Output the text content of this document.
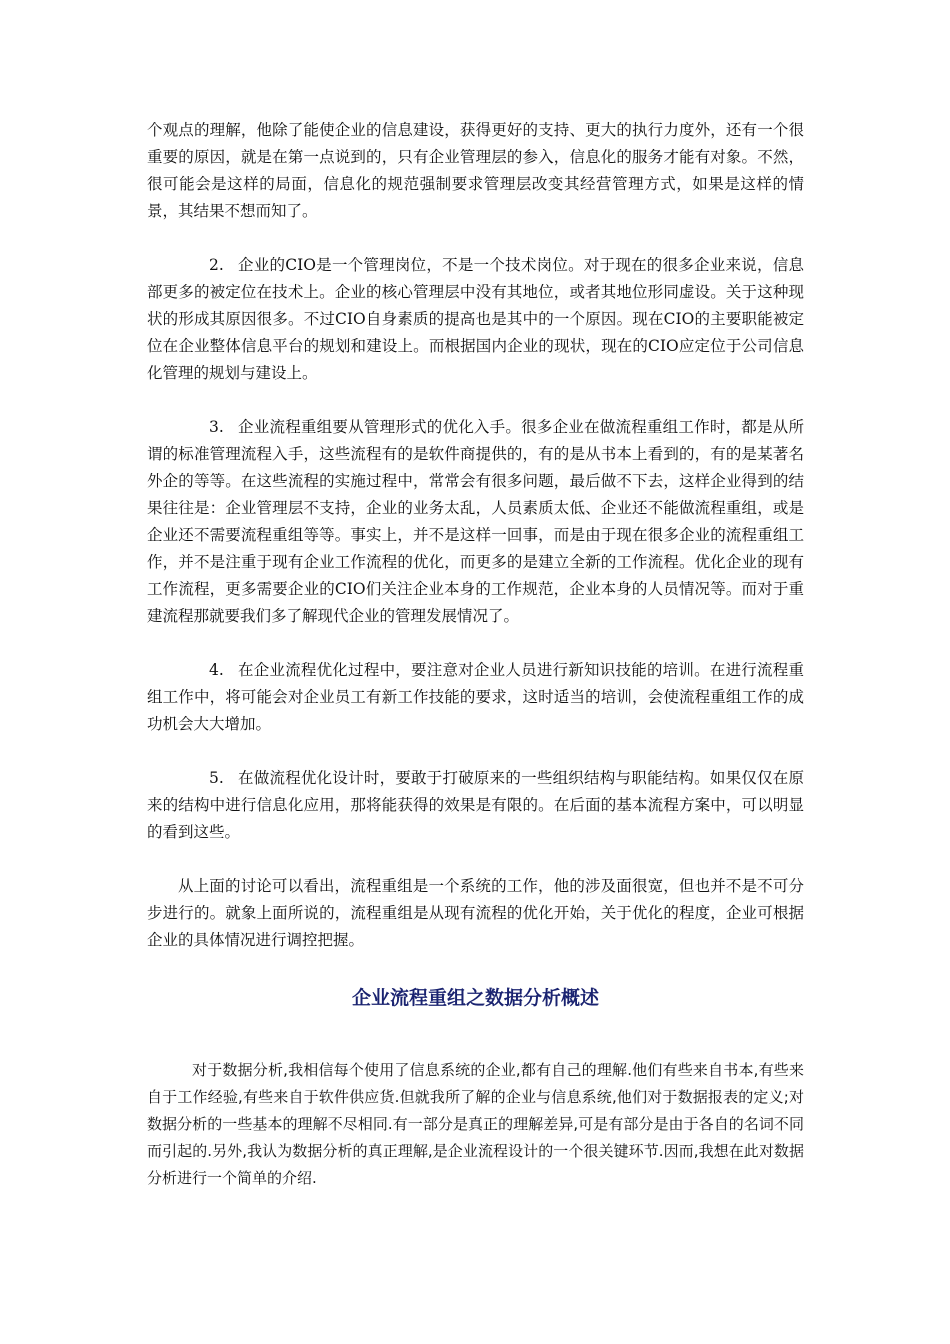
个观点的理解，他除了能使企业的信息建设，获得更好的支持、更大的执行力度外，还有一个很重要的原因，就是在第一点说到的，只有企业管理层的参入，信息化的服务才能有对象。不然，很可能会是这样的局面，信息化的规范强制要求管理层改变其经营管理方式，如果是这样的情景，其结果不想而知了。

2. 企业的CIO是一个管理岗位，不是一个技术岗位。对于现在的很多企业来说，信息部更多的被定位在技术上。企业的核心管理层中没有其地位，或者其地位形同虚设。关于这种现状的形成其原因很多。不过CIO自身素质的提高也是其中的一个原因。现在CIO的主要职能被定位在企业整体信息平台的规划和建设上。而根据国内企业的现状，现在的CIO应定位于公司信息化管理的规划与建设上。

3. 企业流程重组要从管理形式的优化入手。很多企业在做流程重组工作时，都是从所谓的标准管理流程入手，这些流程有的是软件商提供的，有的是从书本上看到的，有的是某著名外企的等等。在这些流程的实施过程中，常常会有很多问题，最后做不下去，这样企业得到的结果往往是：企业管理层不支持，企业的业务太乱，人员素质太低、企业还不能做流程重组，或是企业还不需要流程重组等等。事实上，并不是这样一回事，而是由于现在很多企业的流程重组工作，并不是注重于现有企业工作流程的优化，而更多的是建立全新的工作流程。优化企业的现有工作流程，更多需要企业的CIO们关注企业本身的工作规范，企业本身的人员情况等。而对于重建流程那就要我们多了解现代企业的管理发展情况了。

4. 在企业流程优化过程中，要注意对企业人员进行新知识技能的培训。在进行流程重组工作中，将可能会对企业员工有新工作技能的要求，这时适当的培训，会使流程重组工作的成功机会大大增加。

5. 在做流程优化设计时，要敢于打破原来的一些组织结构与职能结构。如果仅仅在原来的结构中进行信息化应用，那将能获得的效果是有限的。在后面的基本流程方案中，可以明显的看到这些。

从上面的讨论可以看出，流程重组是一个系统的工作，他的涉及面很宽，但也并不是不可分步进行的。就象上面所说的，流程重组是从现有流程的优化开始，关于优化的程度，企业可根据企业的具体情况进行调控把握。

企业流程重组之数据分析概述

对于数据分析,我相信每个使用了信息系统的企业,都有自己的理解.他们有些来自书本,有些来自于工作经验,有些来自于软件供应货.但就我所了解的企业与信息系统,他们对于数据报表的定义;对数据分析的一些基本的理解不尽相同.有一部分是真正的理解差异,可是有部分是由于各自的名词不同而引起的.另外,我认为数据分析的真正理解,是企业流程设计的一个很关键环节.因而,我想在此对数据分析进行一个简单的介绍.
